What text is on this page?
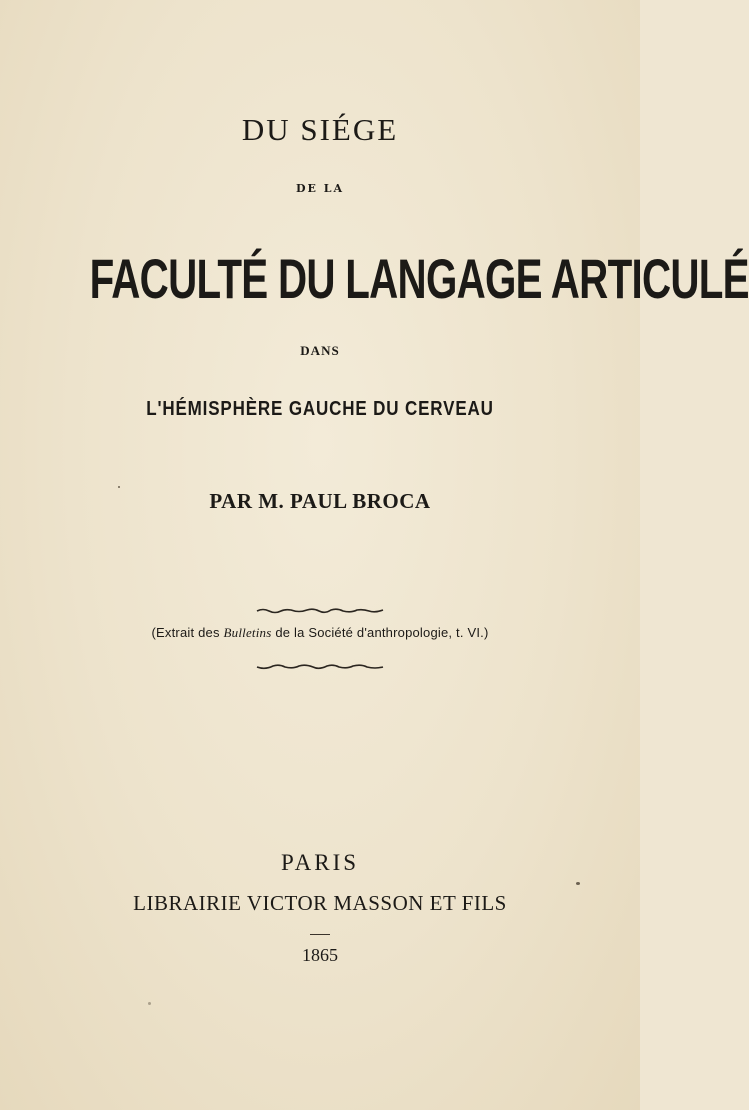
DU SIÉGE
DE LA
FACULTÉ DU LANGAGE ARTICULÉ
DANS
L'HÉMISPHÈRE GAUCHE DU CERVEAU
PAR M. PAUL BROCA
(Extrait des Bulletins de la Société d'anthropologie, t. VI.)
PARIS
LIBRAIRIE VICTOR MASSON ET FILS
1865
